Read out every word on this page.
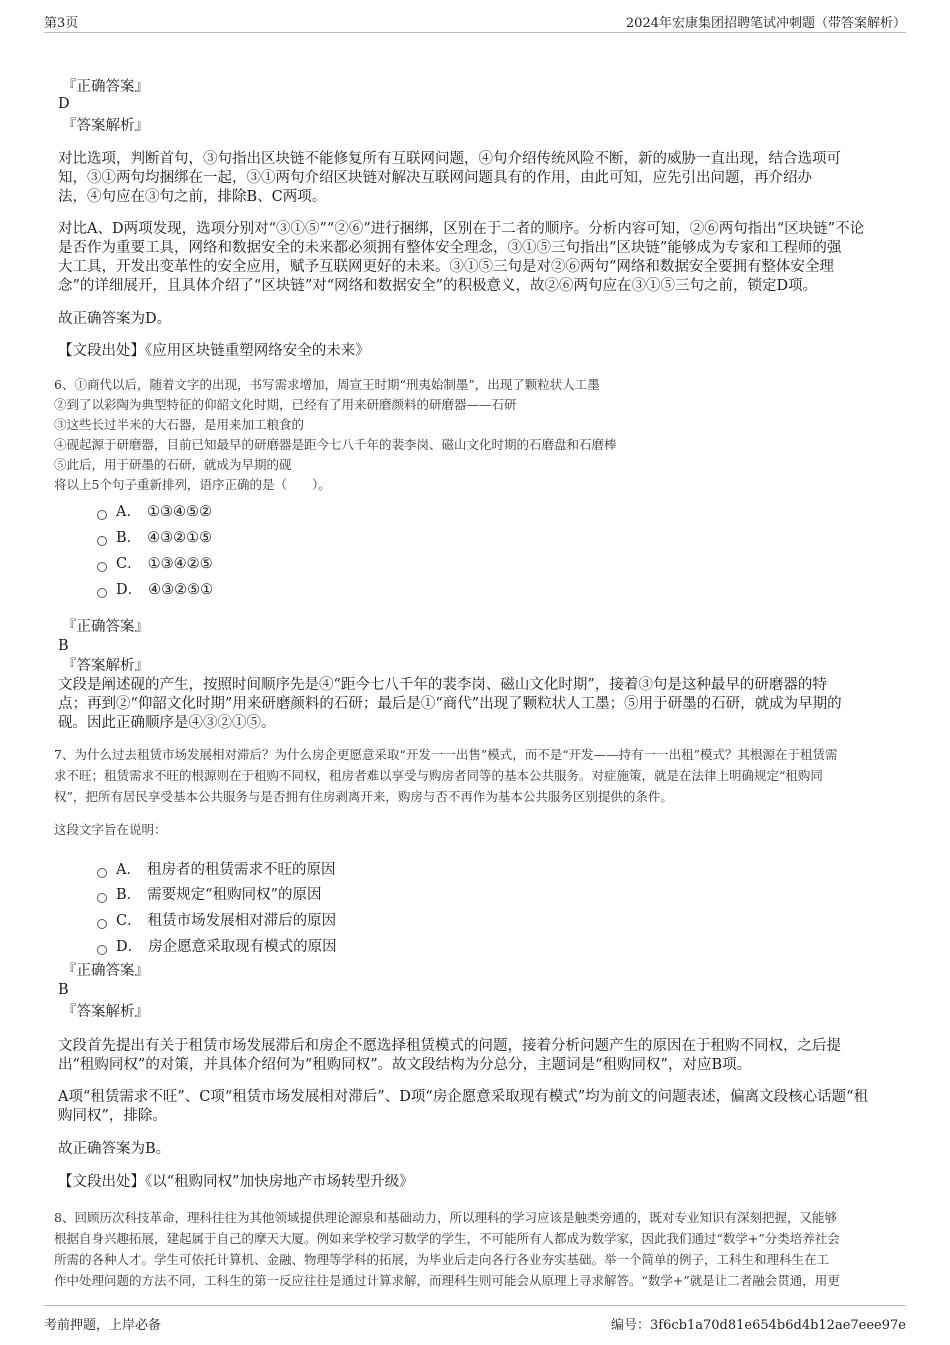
第3页	2024年宏康集团招聘笔试冲刺题（带答案解析）

『正确答案』

D

『答案解析』

对比选项，判断首句，③句指出区块链不能修复所有互联网问题，④句介绍传统风险不断，新的威胁一直出现，结合选项可

知，③①两句均捆绑在一起，③①两句介绍区块链对解决互联网问题具有的作用，由此可知，应先引出问题，再介绍办

法，④句应在③句之前，排除B、C两项。

对比A、D两项发现，选项分别对“③①⑤”“②⑥”进行捆绑，区别在于二者的顺序。分析内容可知，②⑥两句指出“区块链”不论

是否作为重要工具，网络和数据安全的未来都必须拥有整体安全理念，③①⑤三句指出“区块链”能够成为专家和工程师的强

大工具，开发出变革性的安全应用，赋予互联网更好的未来。③①⑤三句是对②⑥两句“网络和数据安全要拥有整体安全理

念”的详细展开，且具体介绍了“区块链”对“网络和数据安全”的积极意义，故②⑥两句应在③①⑤三句之前，锁定D项。

故正确答案为D。

【文段出处】《应用区块链重塑网络安全的未来》

6、①商代以后，随着文字的出现，书写需求增加，周宣王时期“刑夷始制墨”，出现了颗粒状人工墨

②到了以彩陶为典型特征的仰韶文化时期，已经有了用来研磨颜料的研磨器——石研

③这些长过半米的大石器，是用来加工粮食的

④砚起源于研磨器，目前已知最早的研磨器是距今七八千年的裴李岗、磁山文化时期的石磨盘和石磨棒

⑤此后，用于研墨的石研，就成为早期的砚

将以上5个句子重新排列，语序正确的是（　　）。

A． ①③④⑤②
B． ④③②①⑤
C． ①③④②⑤
D． ④③②⑤①

『正确答案』

B

『答案解析』

文段是阐述砚的产生，按照时间顺序先是④“距今七八千年的裴李岗、磁山文化时期”，接着③句是这种最早的研磨器的特

点；再到②“仰韶文化时期”用来研磨颜料的石研；最后是①“商代”出现了颗粒状人工墨；⑤用于研墨的石研，就成为早期的

砚。因此正确顺序是④③②①⑤。

7、为什么过去租赁市场发展相对滞后？为什么房企更愿意采取“开发一一出售”模式，而不是“开发——持有一一出租”模式？其根源在于租赁需

求不旺；租赁需求不旺的根源则在于租购不同权，租房者难以享受与购房者同等的基本公共服务。对症施策，就是在法律上明确规定“租购同

权”，把所有居民享受基本公共服务与是否拥有住房剥离开来，购房与否不再作为基本公共服务区别提供的条件。

这段文字旨在说明：

A． 租房者的租赁需求不旺的原因
B． 需要规定“租购同权”的原因
C． 租赁市场发展相对滞后的原因
D． 房企愿意采取现有模式的原因

『正确答案』

B

『答案解析』

文段首先提出有关于租赁市场发展滞后和房企不愿选择租赁模式的问题，接着分析问题产生的原因在于租购不同权，之后提

出“租购同权”的对策，并具体介绍何为“租购同权”。故文段结构为分总分，主题词是“租购同权”，对应B项。

A项“租赁需求不旺”、C项“租赁市场发展相对滞后”、D项“房企愿意采取现有模式”均为前文的问题表述，偏离文段核心话题“租

购同权”，排除。

故正确答案为B。

【文段出处】《以“租购同权”加快房地产市场转型升级》

8、回顾历次科技革命，理科往往为其他领域提供理论源泉和基础动力，所以理科的学习应该是触类旁通的，既对专业知识有深刻把握，又能够

根据自身兴趣拓展，建起属于自己的摩天大厦。例如来学校学习数学的学生，不可能所有人都成为数学家，因此我们通过“数学+”分类培养社会

所需的各种人才。学生可依托计算机、金融、物理等学科的拓展，为毕业后走向各行各业夯实基础。举一个简单的例子，工科生和理科生在工

作中处理问题的方法不同，工科生的第一反应往往是通过计算求解，而理科生则可能会从原理上寻求解答。“数学+”就是让二者融会贯通，用更

考前押题，上岸必备	编号：3f6cb1a70d81e654b6d4b12ae7eee97e
